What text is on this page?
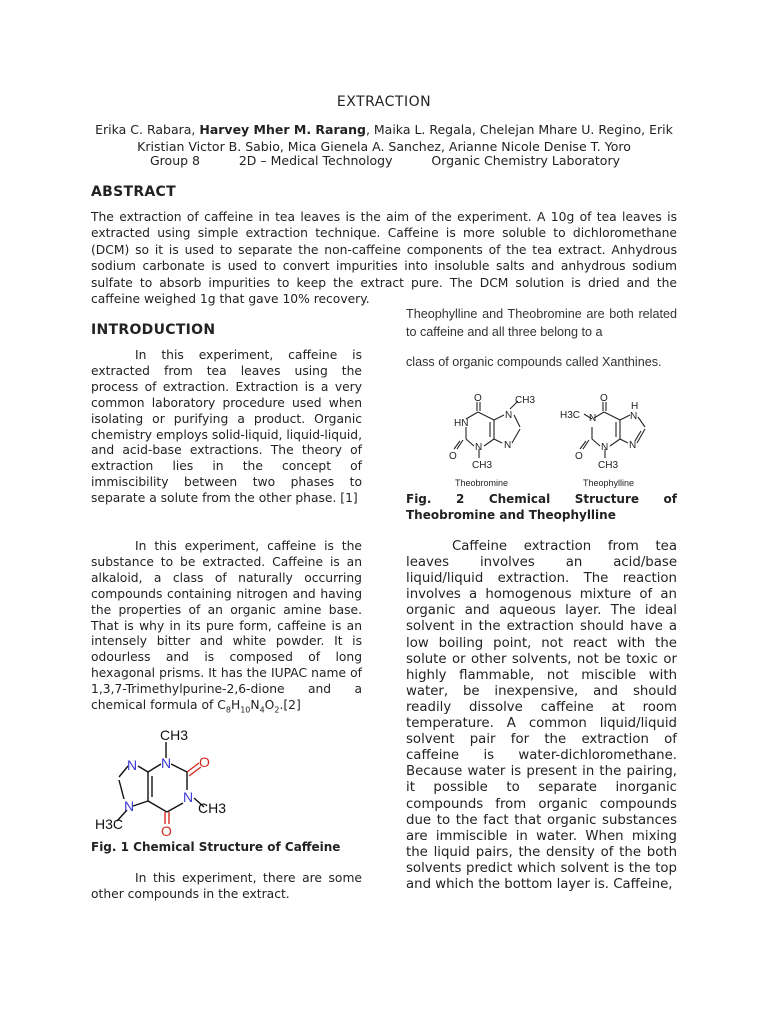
EXTRACTION
Erika C. Rabara, Harvey Mher M. Rarang, Maika L. Regala, Chelejan Mhare U. Regino, Erik Kristian Victor B. Sabio, Mica Gienela A. Sanchez, Arianne Nicole Denise T. Yoro
Group 8	2D – Medical Technology	Organic Chemistry Laboratory
ABSTRACT

The extraction of caffeine in tea leaves is the aim of the experiment. A 10g of tea leaves is extracted using simple extraction technique. Caffeine is more soluble to dichloromethane (DCM) so it is used to separate the non-caffeine components of the tea extract. Anhydrous sodium carbonate is used to convert impurities into insoluble salts and anhydrous sodium sulfate to absorb impurities to keep the extract pure. The DCM solution is dried and the caffeine weighed 1g that gave 10% recovery.

INTRODUCTION

In this experiment, caffeine is extracted from tea leaves using the process of extraction. Extraction is a very common laboratory procedure used when isolating or purifying a product. Organic chemistry employs solid-liquid, liquid-liquid, and acid-base extractions. The theory of extraction lies in the concept of immiscibility between two phases to separate a solute from the other phase. [1]

In this experiment, caffeine is the substance to be extracted. Caffeine is an alkaloid, a class of naturally occurring compounds containing nitrogen and having the properties of an organic amine base. That is why in its pure form, caffeine is an intensely bitter and white powder. It is odourless and is composed of long hexagonal prisms. It has the IUPAC name of 1,3,7-Trimethylpurine-2,6-dione and a chemical formula of $C_8H_{10}N_4O_2.[2]$

CH3
N O
N
CH3
O
N
N
H3C

Fig. 1 Chemical Structure of Caffeine

In this experiment, there are some other compounds in the extract.

Theophylline and Theobromine are both related to caffeine and all three belong to a

class of organic compounds called Xanthines.

O
HN
O
N
CH3
N
CH3
N
O
H3C N
O
N
CH3
H
N
N
Theobromine	Theophylline

Fig. 2 Chemical Structure of Theobromine and Theophylline

Caffeine extraction from tea leaves involves an acid/base liquid/liquid extraction. The reaction involves a homogenous mixture of an organic and aqueous layer. The ideal solvent in the extraction should have a low boiling point, not react with the solute or other solvents, not be toxic or highly flammable, not miscible with water, be inexpensive, and should readily dissolve caffeine at room temperature. A common liquid/liquid solvent pair for the extraction of caffeine is water-dichloromethane. Because water is present in the pairing, it possible to separate inorganic compounds from organic compounds due to the fact that organic substances are immiscible in water. When mixing the liquid pairs, the density of the both solvents predict which solvent is the top and which the bottom layer is. Caffeine,
